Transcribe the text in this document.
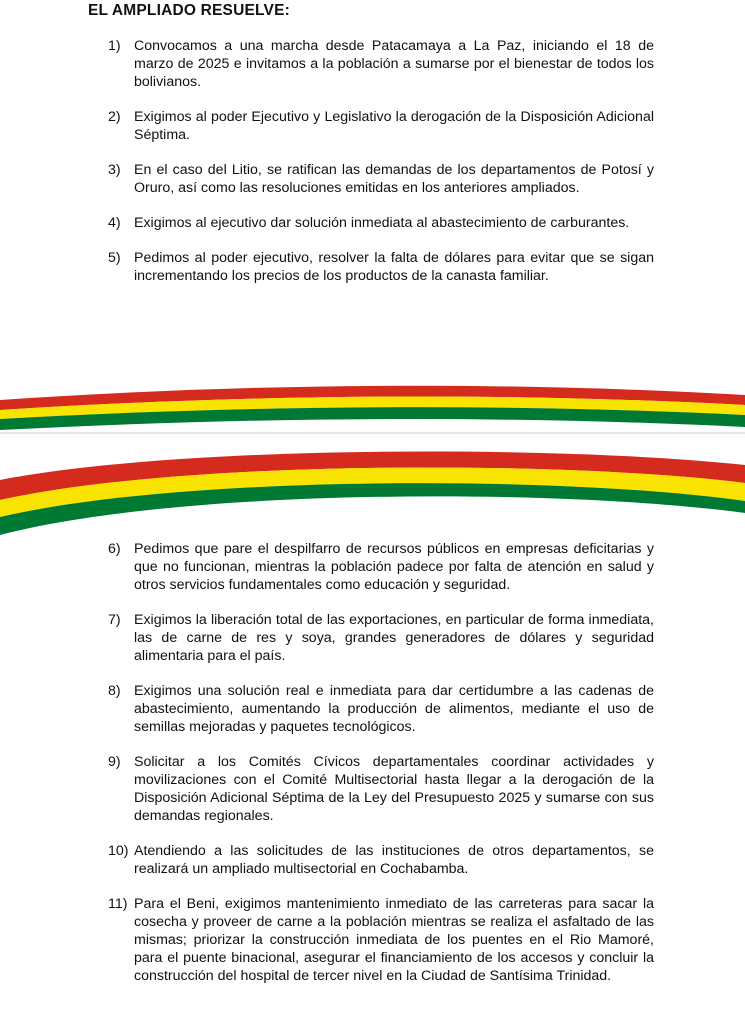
EL AMPLIADO RESUELVE:
1) Convocamos a una marcha desde Patacamaya a La Paz, iniciando el 18 de marzo de 2025 e invitamos a la población a sumarse por el bienestar de todos los bolivianos.
2) Exigimos al poder Ejecutivo y Legislativo la derogación de la Disposición Adicional Séptima.
3) En el caso del Litio, se ratifican las demandas de los departamentos de Potosí y Oruro, así como las resoluciones emitidas en los anteriores ampliados.
4) Exigimos al ejecutivo dar solución inmediata al abastecimiento de carburantes.
5) Pedimos al poder ejecutivo, resolver la falta de dólares para evitar que se sigan incrementando los precios de los productos de la canasta familiar.
6) Pedimos que pare el despilfarro de recursos públicos en empresas deficitarias y que no funcionan, mientras la población padece por falta de atención en salud y otros servicios fundamentales como educación y seguridad.
7) Exigimos la liberación total de las exportaciones, en particular de forma inmediata, las de carne de res y soya, grandes generadores de dólares y seguridad alimentaria para el país.
8) Exigimos una solución real e inmediata para dar certidumbre a las cadenas de abastecimiento, aumentando la producción de alimentos, mediante el uso de semillas mejoradas y paquetes tecnológicos.
9) Solicitar a los Comités Cívicos departamentales coordinar actividades y movilizaciones con el Comité Multisectorial hasta llegar a la derogación de la Disposición Adicional Séptima de la Ley del Presupuesto 2025 y sumarse con sus demandas regionales.
10) Atendiendo a las solicitudes de las instituciones de otros departamentos, se realizará un ampliado multisectorial en Cochabamba.
11) Para el Beni, exigimos mantenimiento inmediato de las carreteras para sacar la cosecha y proveer de carne a la población mientras se realiza el asfaltado de las mismas; priorizar la construcción inmediata de los puentes en el Rio Mamoré, para el puente binacional, asegurar el financiamiento de los accesos y concluir la construcción del hospital de tercer nivel en la Ciudad de Santísima Trinidad.
